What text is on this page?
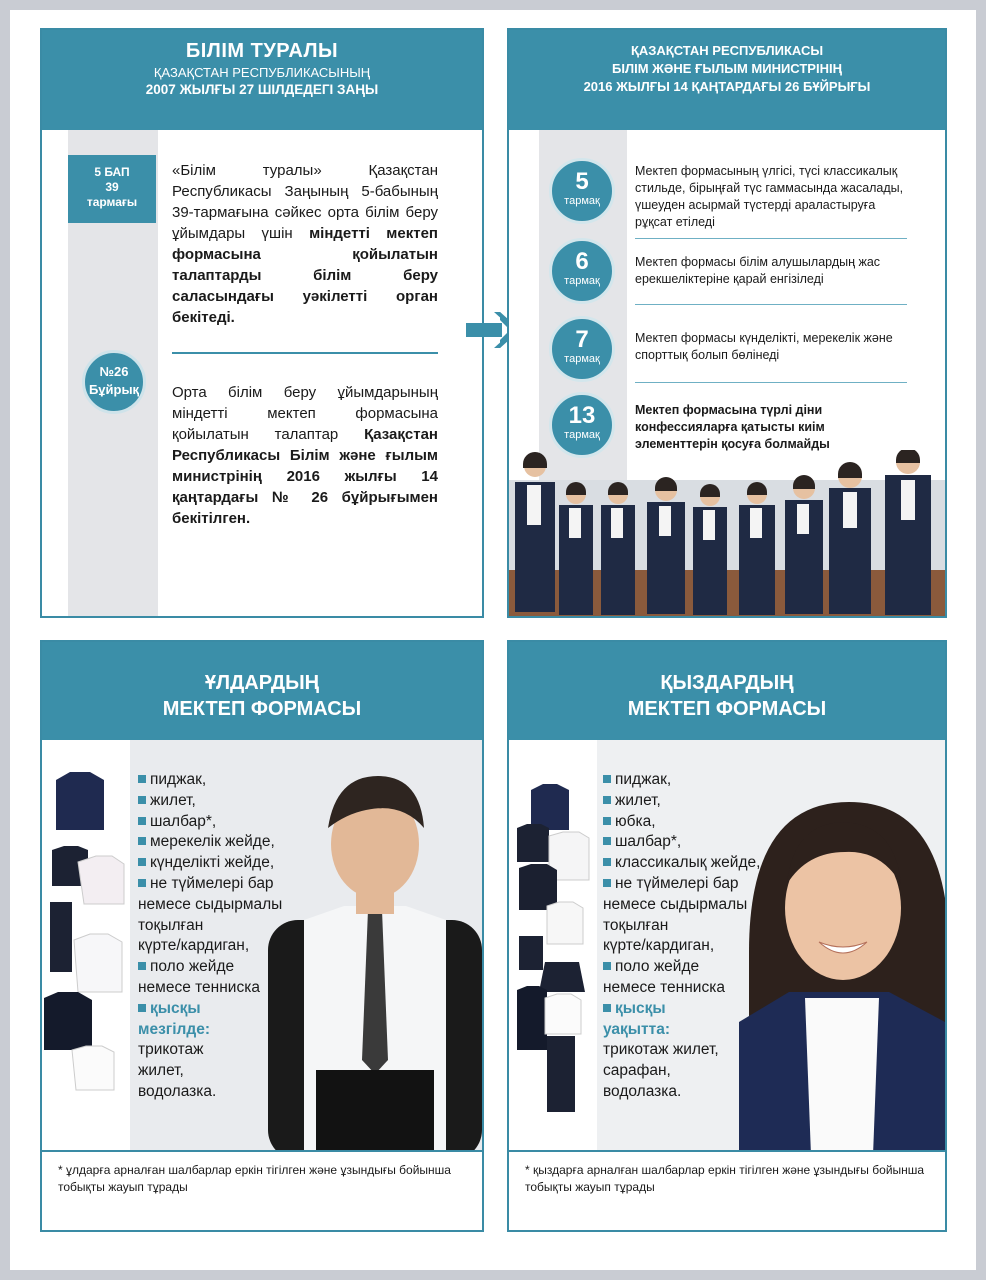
БІЛІМ ТУРАЛЫ
ҚАЗАҚСТАН РЕСПУБЛИКАСЫНЫҢ
2007 ЖЫЛҒЫ 27 ШІЛДЕДЕГІ ЗАҢЫ
5 БАП
39
тармағы
«Білім туралы» Қазақстан Республикасы Заңының 5-бабының 39-тармағына сәйкес орта білім беру ұйымдары үшін міндетті мектеп формасына қойылатын талаптарды білім беру саласындағы уәкілетті орган бекітеді.
№26
Бұйрық Орта білім беру ұйымдарының міндетті мектеп формасына қойылатын талаптар Қазақстан Республикасы Білім және ғылым министрінің 2016 жылғы 14 қаңтардағы № 26 бұйрығымен бекітілген.
ҚАЗАҚСТАН РЕСПУБЛИКАСЫ
БІЛІМ ЖӘНЕ ҒЫЛЫМ МИНИСТРІНІҢ
2016 ЖЫЛҒЫ 14 ҚАҢТАРДАҒЫ 26 БҰЙРЫҒЫ
5
тармақ
Мектеп формасының үлгісі, түсі классикалық стильде, бірыңғай түс гаммасында жасалады, үшеуден асырмай түстерді араластыруға рұқсат етіледі
6
тармақ
Мектеп формасы білім алушылардың жас ерекшеліктеріне қарай енгізіледі
7
тармақ
Мектеп формасы күнделікті, мерекелік және спорттық болып бөлінеді
13
тармақ
Мектеп формасына түрлі діни конфессияларға қатысты киім элементтерін қосуға болмайды
ҰЛДАРДЫҢ
МЕКТЕП ФОРМАСЫ
пиджак,
жилет,
шалбар*,
мерекелік жейде,
күнделікті жейде,
не түймелері бар
немесе сыдырмалы
тоқылған
күрте/кардиган,
поло жейде
немесе тенниска
қысқы
мезгілде:
трикотаж
жилет,
водолазка.
* ұлдарға арналған шалбарлар еркін тігілген және ұзындығы бойынша тобықты жауып тұрады
ҚЫЗДАРДЫҢ
МЕКТЕП ФОРМАСЫ
пиджак,
жилет,
юбка,
шалбар*,
классикалық жейде,
не түймелері бар
немесе сыдырмалы
тоқылған
күрте/кардиган,
поло жейде
немесе тенниска
қысқы
уақытта:
трикотаж жилет,
сарафан,
водолазка.
* қыздарға арналған шалбарлар еркін тігілген және ұзындығы бойынша тобықты жауып тұрады
